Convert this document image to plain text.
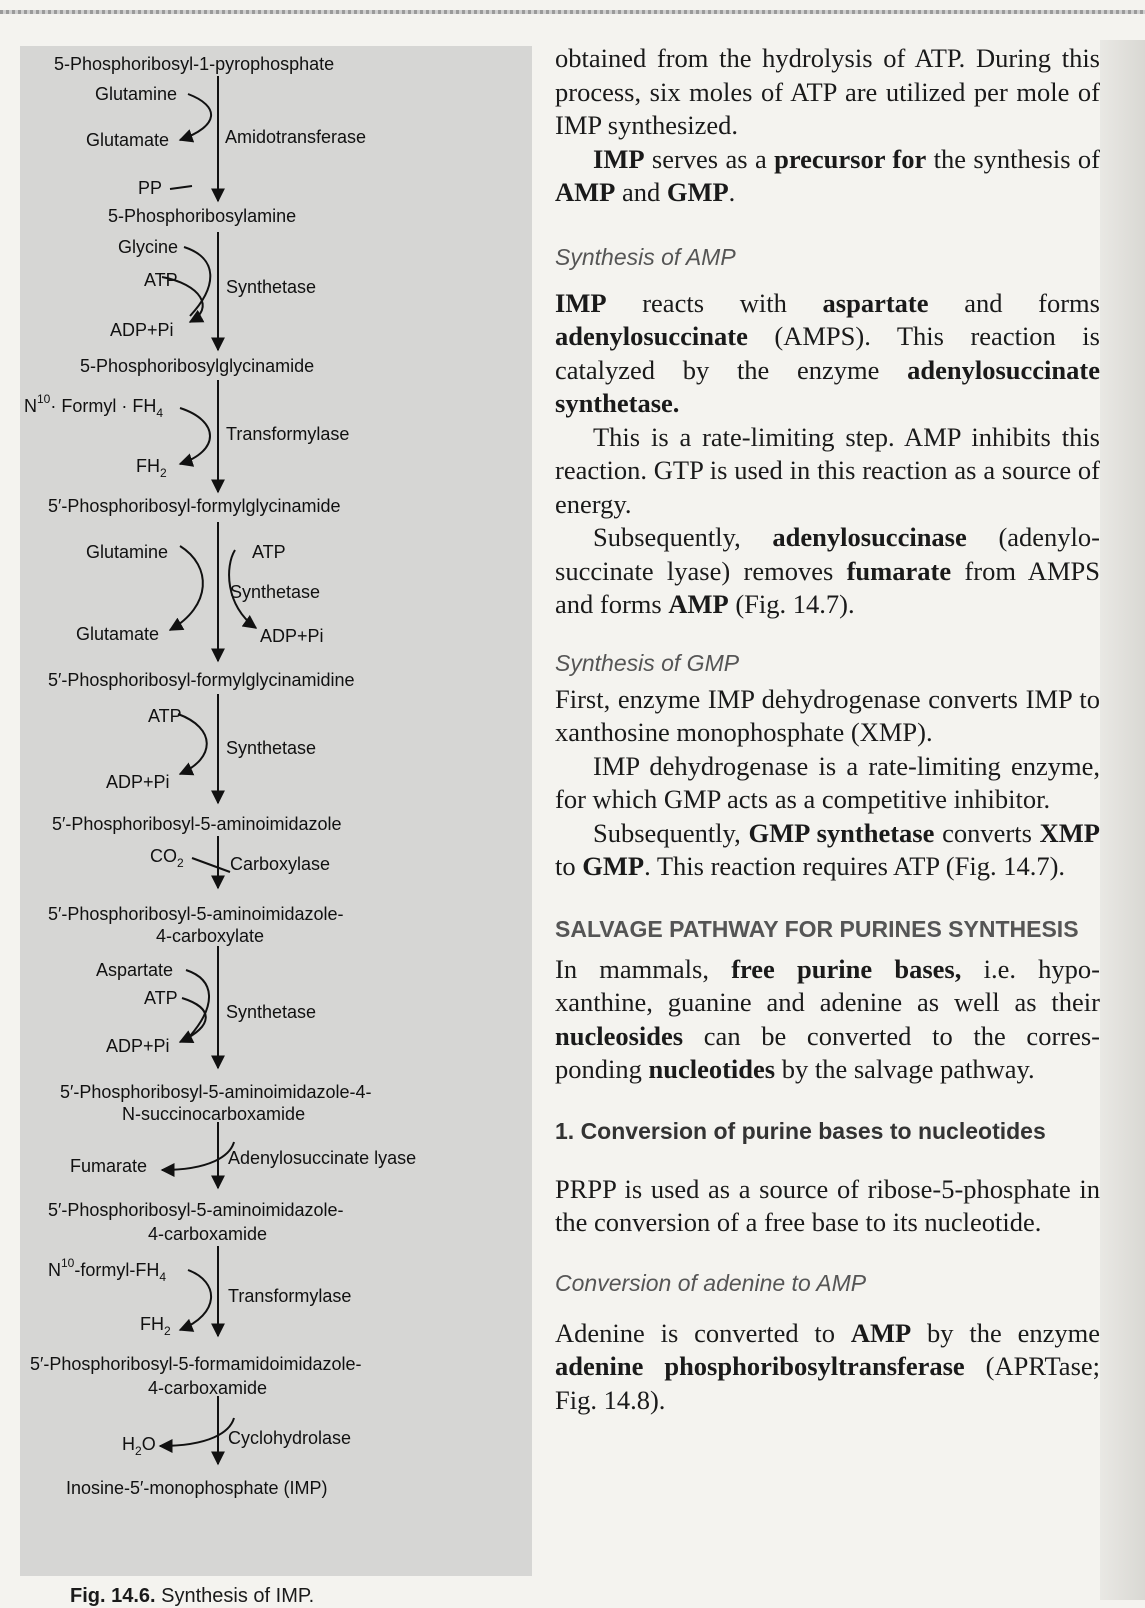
5-Phosphoribosyl-1-pyrophosphate
Glutamine
Glutamate	Amidotransferase
PP
5-Phosphoribosylamine
Glycine
ATP	Synthetase
ADP+Pi
5-Phosphoribosylglycinamide
$N^{10}\cdot$ Formyl · $FH_4$
Transformylase
$FH_2$
5′-Phosphoribosyl-formylglycinamide
Glutamine	ATP
Synthetase
Glutamate	ADP+Pi
5′-Phosphoribosyl-formylglycinamidine
ATP
Synthetase
ADP+Pi
5′-Phosphoribosyl-5-aminoimidazole
$CO_2$	Carboxylase
5′-Phosphoribosyl-5-aminoimidazole-
4-carboxylate
Aspartate
ATP
Synthetase
ADP+Pi
5′-Phosphoribosyl-5-aminoimidazole-4-
N-succinocarboxamide
Fumarate	Adenylosuccinate lyase
5′-Phosphoribosyl-5-aminoimidazole-
4-carboxamide
$N^{10}-formyl-FH_4$
Transformylase
$FH_2$
5′-Phosphoribosyl-5-formamidoimidazole-
4-carboxamide
$H_2O$	Cyclohydrolase
Inosine-5′-monophosphate (IMP)
Fig. 14.6. Synthesis of IMP.

obtained from the hydrolysis of ATP. During this process, six moles of ATP are utilized per mole of IMP synthesized.

IMP serves as a precursor for the synthesis of AMP and GMP.

Synthesis of AMP

IMP reacts with aspartate and forms adenylosuccinate (AMPS). This reaction is catalyzed by the enzyme adenylosuccinate synthetase.

This is a rate-limiting step. AMP inhibits this reaction. GTP is used in this reaction as a source of energy.

Subsequently, adenylosuccinase (adenylo-succinate lyase) removes fumarate from AMPS and forms AMP (Fig. 14.7).

Synthesis of GMP

First, enzyme IMP dehydrogenase converts IMP to xanthosine monophosphate (XMP).

IMP dehydrogenase is a rate-limiting enzyme, for which GMP acts as a competitive inhibitor.

Subsequently, GMP synthetase converts XMP to GMP. This reaction requires ATP (Fig. 14.7).

SALVAGE PATHWAY FOR PURINES SYNTHESIS

In mammals, free purine bases, i.e. hypo-xanthine, guanine and adenine as well as their nucleosides can be converted to the corres-ponding nucleotides by the salvage pathway.

1. Conversion of purine bases to nucleotides

PRPP is used as a source of ribose-5-phosphate in the conversion of a free base to its nucleotide.

Conversion of adenine to AMP

Adenine is converted to AMP by the enzyme adenine phosphoribosyltransferase (APRTase; Fig. 14.8).
